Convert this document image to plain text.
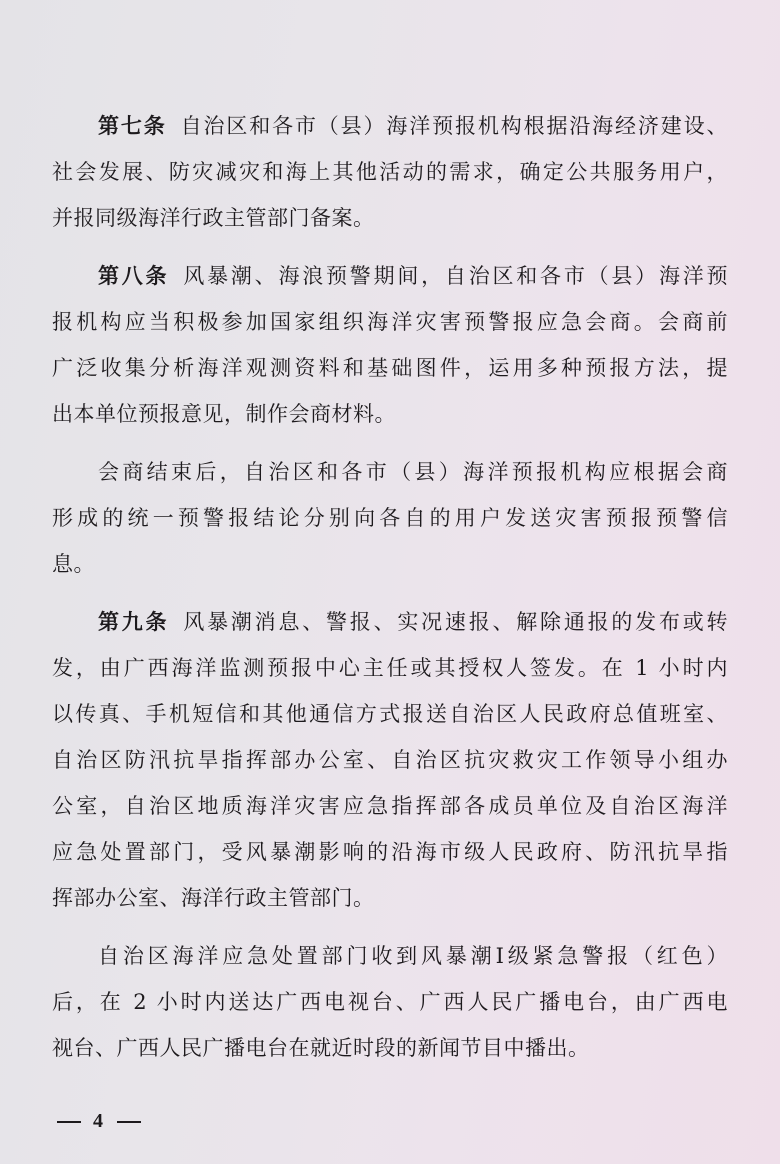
第七条 自治区和各市（县）海洋预报机构根据沿海经济建设、
社会发展、防灾减灾和海上其他活动的需求，确定公共服务用户，
并报同级海洋行政主管部门备案。
第八条 风暴潮、海浪预警期间，自治区和各市（县）海洋预
报机构应当积极参加国家组织海洋灾害预警报应急会商。会商前
广泛收集分析海洋观测资料和基础图件，运用多种预报方法，提
出本单位预报意见，制作会商材料。
会商结束后，自治区和各市（县）海洋预报机构应根据会商
形成的统一预警报结论分别向各自的用户发送灾害预报预警信
息。
第九条 风暴潮消息、警报、实况速报、解除通报的发布或转
发，由广西海洋监测预报中心主任或其授权人签发。在 1 小时内
以传真、手机短信和其他通信方式报送自治区人民政府总值班室、
自治区防汛抗旱指挥部办公室、自治区抗灾救灾工作领导小组办
公室，自治区地质海洋灾害应急指挥部各成员单位及自治区海洋
应急处置部门，受风暴潮影响的沿海市级人民政府、防汛抗旱指
挥部办公室、海洋行政主管部门。
自治区海洋应急处置部门收到风暴潮Ⅰ级紧急警报（红色）
后，在 2 小时内送达广西电视台、广西人民广播电台，由广西电
视台、广西人民广播电台在就近时段的新闻节目中播出。
4
